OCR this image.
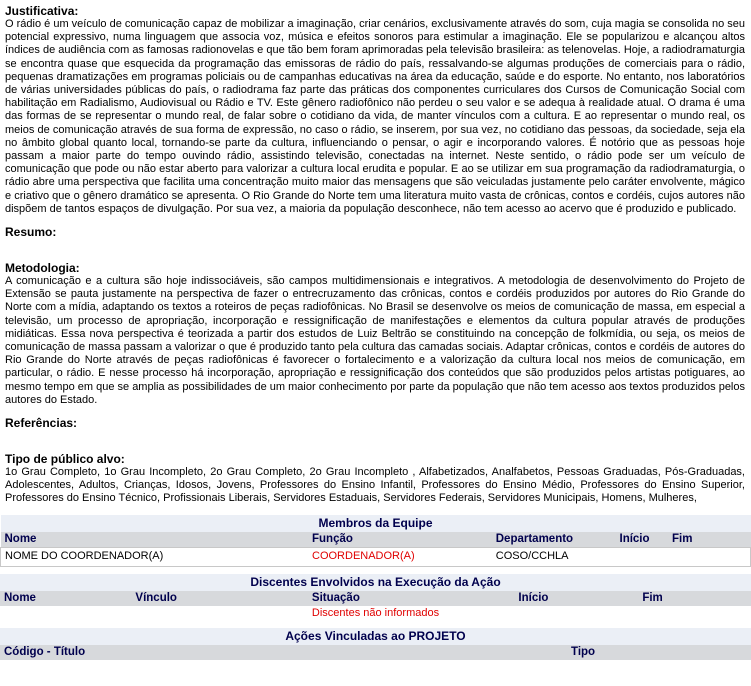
Justificativa:

O rádio é um veículo de comunicação capaz de mobilizar a imaginação, criar cenários, exclusivamente através do som, cuja magia se consolida no seu potencial expressivo, numa linguagem que associa voz, música e efeitos sonoros para estimular a imaginação. Ele se popularizou e alcançou altos índices de audiência com as famosas radionovelas e que tão bem foram aprimoradas pela televisão brasileira: as telenovelas. Hoje, a radiodramaturgia se encontra quase que esquecida da programação das emissoras de rádio do país, ressalvando-se algumas produções de comerciais para o rádio, pequenas dramatizações em programas policiais ou de campanhas educativas na área da educação, saúde e do esporte. No entanto, nos laboratórios de várias universidades públicas do país, o radiodrama faz parte das práticas dos componentes curriculares dos Cursos de Comunicação Social com habilitação em Radialismo, Audiovisual ou Rádio e TV. Este gênero radiofônico não perdeu o seu valor e se adequa à realidade atual. O drama é uma das formas de se representar o mundo real, de falar sobre o cotidiano da vida, de manter vínculos com a cultura. E ao representar o mundo real, os meios de comunicação através de sua forma de expressão, no caso o rádio, se inserem, por sua vez, no cotidiano das pessoas, da sociedade, seja ela no âmbito global quanto local, tornando-se parte da cultura, influenciando o pensar, o agir e incorporando valores. É notório que as pessoas hoje passam a maior parte do tempo ouvindo rádio, assistindo televisão, conectadas na internet. Neste sentido, o rádio pode ser um veículo de comunicação que pode ou não estar aberto para valorizar a cultura local erudita e popular. E ao se utilizar em sua programação da radiodramaturgia, o rádio abre uma perspectiva que facilita uma concentração muito maior das mensagens que são veiculadas justamente pelo caráter envolvente, mágico e criativo que o gênero dramático se apresenta. O Rio Grande do Norte tem uma literatura muito vasta de crônicas, contos e cordéis, cujos autores não dispõem de tantos espaços de divulgação. Por sua vez, a maioria da população desconhece, não tem acesso ao acervo que é produzido e publicado.

Resumo:

Metodologia:

A comunicação e a cultura são hoje indissociáveis, são campos multidimensionais e integrativos. A metodologia de desenvolvimento do Projeto de Extensão se pauta justamente na perspectiva de fazer o entrecruzamento das crônicas, contos e cordéis produzidos por autores do Rio Grande do Norte com a mídia, adaptando os textos a roteiros de peças radiofônicas. No Brasil se desenvolve os meios de comunicação de massa, em especial a televisão, um processo de apropriação, incorporação e ressignificação de manifestações e elementos da cultura popular através de produções midiáticas. Essa nova perspectiva é teorizada a partir dos estudos de Luiz Beltrão se constituindo na concepção de folkmídia, ou seja, os meios de comunicação de massa passam a valorizar o que é produzido tanto pela cultura das camadas sociais. Adaptar crônicas, contos e cordéis de autores do Rio Grande do Norte através de peças radiofônicas é favorecer o fortalecimento e a valorização da cultura local nos meios de comunicação, em particular, o rádio. E nesse processo há incorporação, apropriação e ressignificação dos conteúdos que são produzidos pelos artistas potiguares, ao mesmo tempo em que se amplia as possibilidades de um maior conhecimento por parte da população que não tem acesso aos textos produzidos pelos autores do Estado.

Referências:

Tipo de público alvo:

1o Grau Completo, 1o Grau Incompleto, 2o Grau Completo, 2o Grau Incompleto , Alfabetizados, Analfabetos, Pessoas Graduadas, Pós-Graduadas, Adolescentes, Adultos, Crianças, Idosos, Jovens, Professores do Ensino Infantil, Professores do Ensino Médio, Professores do Ensino Superior, Professores do Ensino Técnico, Profissionais Liberais, Servidores Estaduais, Servidores Federais, Servidores Municipais, Homens, Mulheres,

Membros da Equipe				
Nome	Função	Departamento	Início	Fim
NOME DO COORDENADOR(A)	COORDENADOR(A)	COSO/CCHLA		
Discentes Envolvidos na Execução da Ação
Nome	Vínculo	Situação	Início	Fim
Discentes não informados
Ações Vinculadas ao PROJETO
Código - Título	Tipo
